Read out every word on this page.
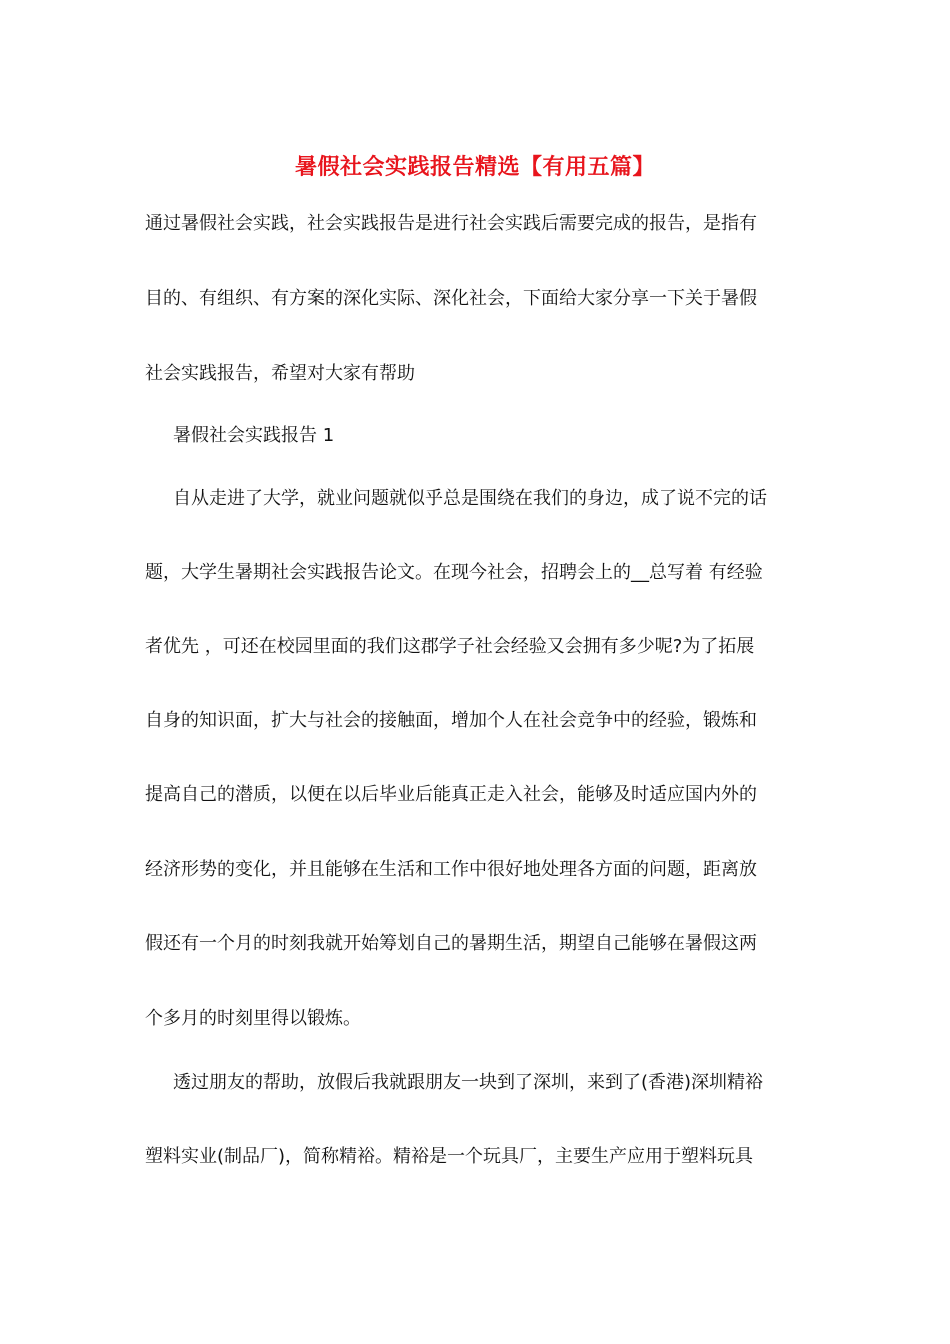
暑假社会实践报告精选【有用五篇】
通过暑假社会实践，社会实践报告是进行社会实践后需要完成的报告，是指有
目的、有组织、有方案的深化实际、深化社会，下面给大家分享一下关于暑假
社会实践报告，希望对大家有帮助
暑假社会实践报告 1
自从走进了大学，就业问题就似乎总是围绕在我们的身边，成了说不完的话
题，大学生暑期社会实践报告论文。在现今社会，招聘会上的__总写着 有经验
者优先 ，可还在校园里面的我们这郡学子社会经验又会拥有多少呢?为了拓展
自身的知识面，扩大与社会的接触面，增加个人在社会竞争中的经验，锻炼和
提高自己的潜质，以便在以后毕业后能真正走入社会，能够及时适应国内外的
经济形势的变化，并且能够在生活和工作中很好地处理各方面的问题，距离放
假还有一个月的时刻我就开始筹划自己的暑期生活，期望自己能够在暑假这两
个多月的时刻里得以锻炼。
透过朋友的帮助，放假后我就跟朋友一块到了深圳，来到了(香港)深圳精裕
塑料实业(制品厂)，简称精裕。精裕是一个玩具厂，主要生产应用于塑料玩具
